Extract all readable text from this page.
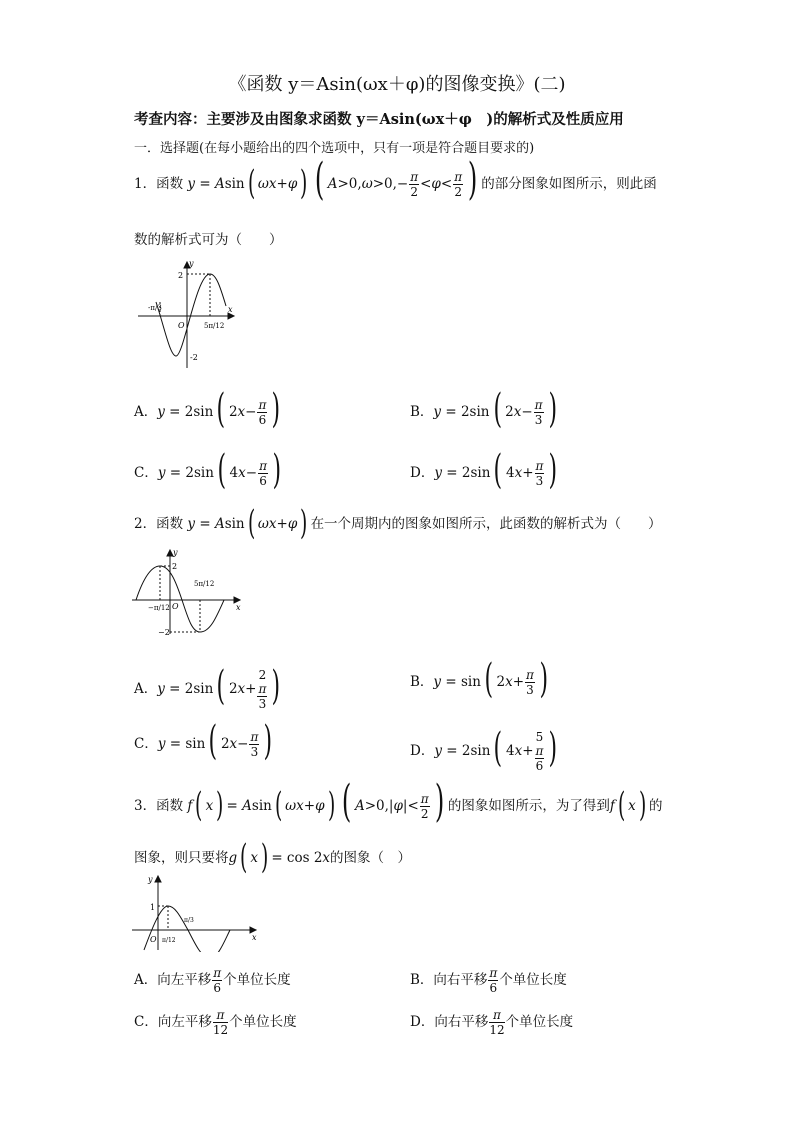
《函数 y＝Asin(ωx＋φ)的图像变换》(二)
考查内容：主要涉及由图象求函数 y＝Asin(ωx＋φ　)的解析式及性质应用
一．选择题(在每小题给出的四个选项中，只有一项是符合题目要求的)
1．函数 y = Asin( ωx+φ) ( $A>0,\omega>0,- \frac{\pi}{2} <\varphi< \frac{\pi}{2}$ ) 的部分图象如图所示，则此函
数的解析式可为（　　）
2
-2
O
y
x
-π/3
5π/12
A．y = 2sin( $2x- \frac{\pi}{6}$ )	B．y = 2sin( $2x- \frac{\pi}{3}$ )
C．y = 2sin( $4x- \frac{\pi}{6}$ )	D．y = 2sin( $4x+ \frac{\pi}{3}$ )
2．函数 y = Asin( ωx+φ) 在一个周期内的图象如图所示，此函数的解析式为（　　）
2
−2
O
y
x
−π/12
5π/12
A．y = 2sin( 2x+ 2
π
3 )	B．y = sin( $2x+ \frac{\pi}{3}$ )
C．y = sin( $2x- \frac{\pi}{3}$ )	D．y = 2sin( 4x+ 5
π
6 )
3．函数 f( x) = Asin( ωx+φ) ( $A>0,|\varphi|< \frac{\pi}{2}$ ) 的图象如图所示，为了得到f( x) 的
图象，则只要将g( x) = cos 2x的图象（　）
1
O
y
x
π/12
π/3
A．向左平移 $\frac{\pi}{6}$ 个单位长度	B．向右平移 $\frac{\pi}{6}$ 个单位长度
C．向左平移 $\frac{\pi}{12}$ 个单位长度	D．向右平移 $\frac{\pi}{12}$ 个单位长度
